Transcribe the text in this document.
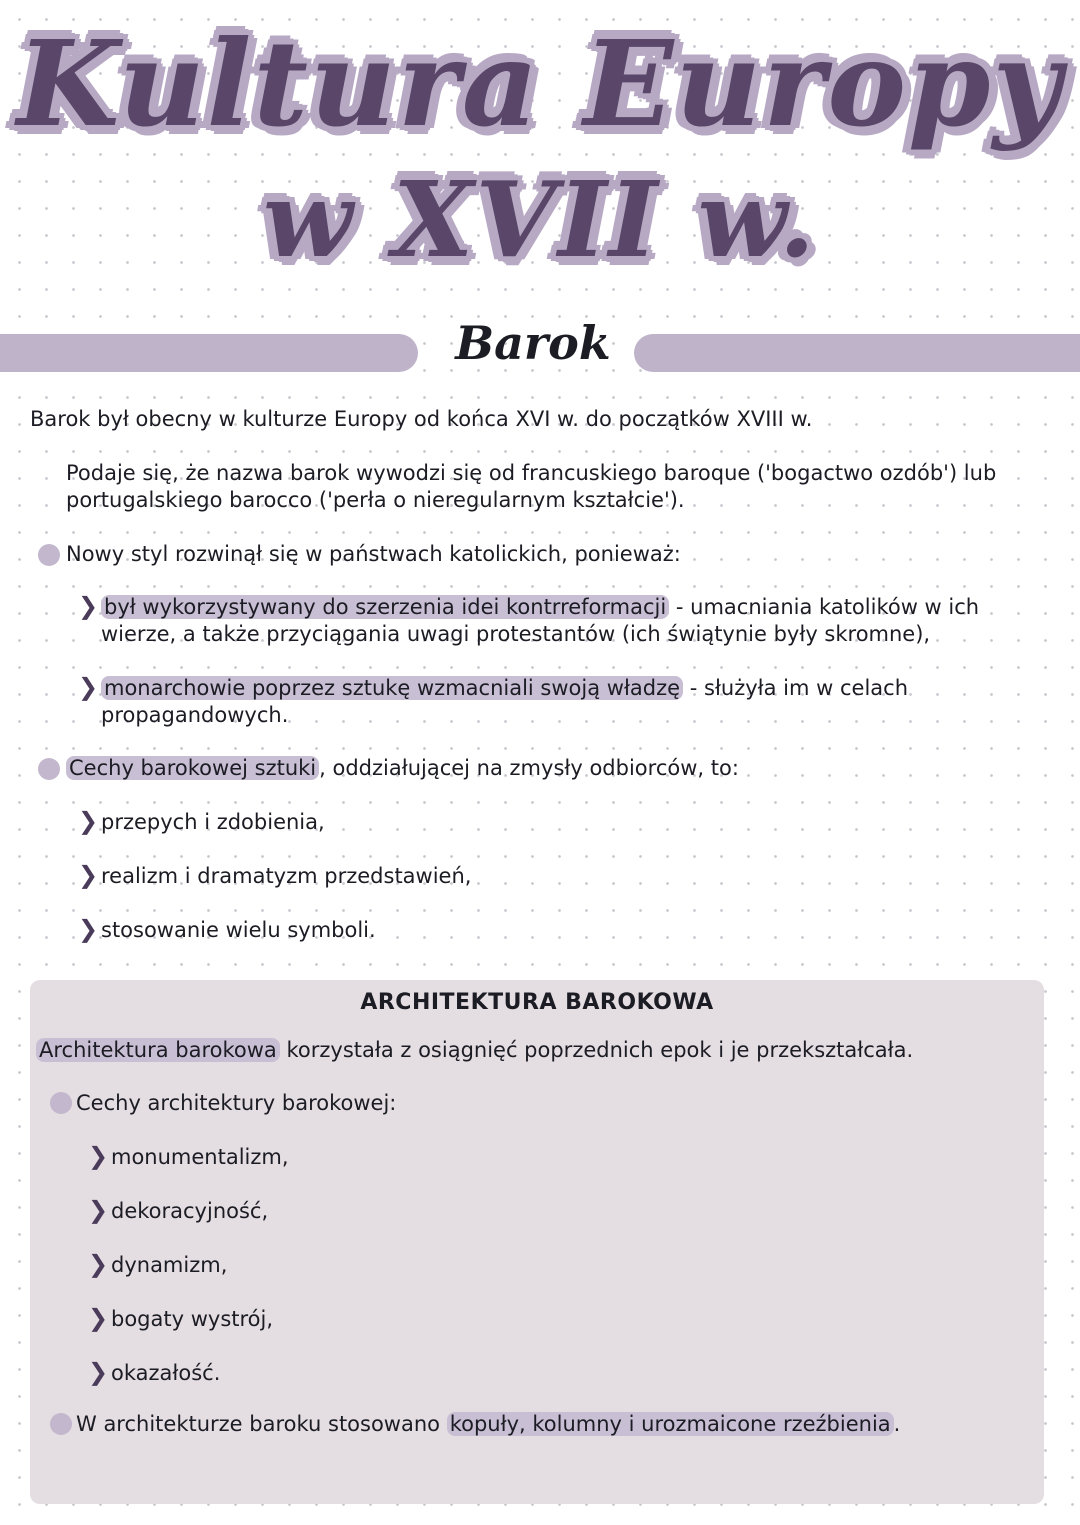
Kultura Europy
w XVII w.
Barok
Barok był obecny w kulturze Europy od końca XVI w. do początków XVIII w.
Podaje się, że nazwa barok wywodzi się od francuskiego baroque ('bogactwo ozdób') lub
portugalskiego barocco ('perła o nieregularnym kształcie').
Nowy styl rozwinął się w państwach katolickich, ponieważ:
❯ był wykorzystywany do szerzenia idei kontrreformacji - umacniania katolików w ich
wierze, a także przyciągania uwagi protestantów (ich świątynie były skromne),
❯ monarchowie poprzez sztukę wzmacniali swoją władzę - służyła im w celach
propagandowych.
Cechy barokowej sztuki , oddziałującej na zmysły odbiorców, to:
❯ przepych i zdobienia,
❯ realizm i dramatyzm przedstawień,
❯ stosowanie wielu symboli.
ARCHITEKTURA BAROKOWA
Architektura barokowa korzystała z osiągnięć poprzednich epok i je przekształcała.
Cechy architektury barokowej:
❯ monumentalizm,
❯ dekoracyjność,
❯ dynamizm,
❯ bogaty wystrój,
❯ okazałość.
W architekturze baroku stosowano kopuły, kolumny i urozmaicone rzeźbienia .
